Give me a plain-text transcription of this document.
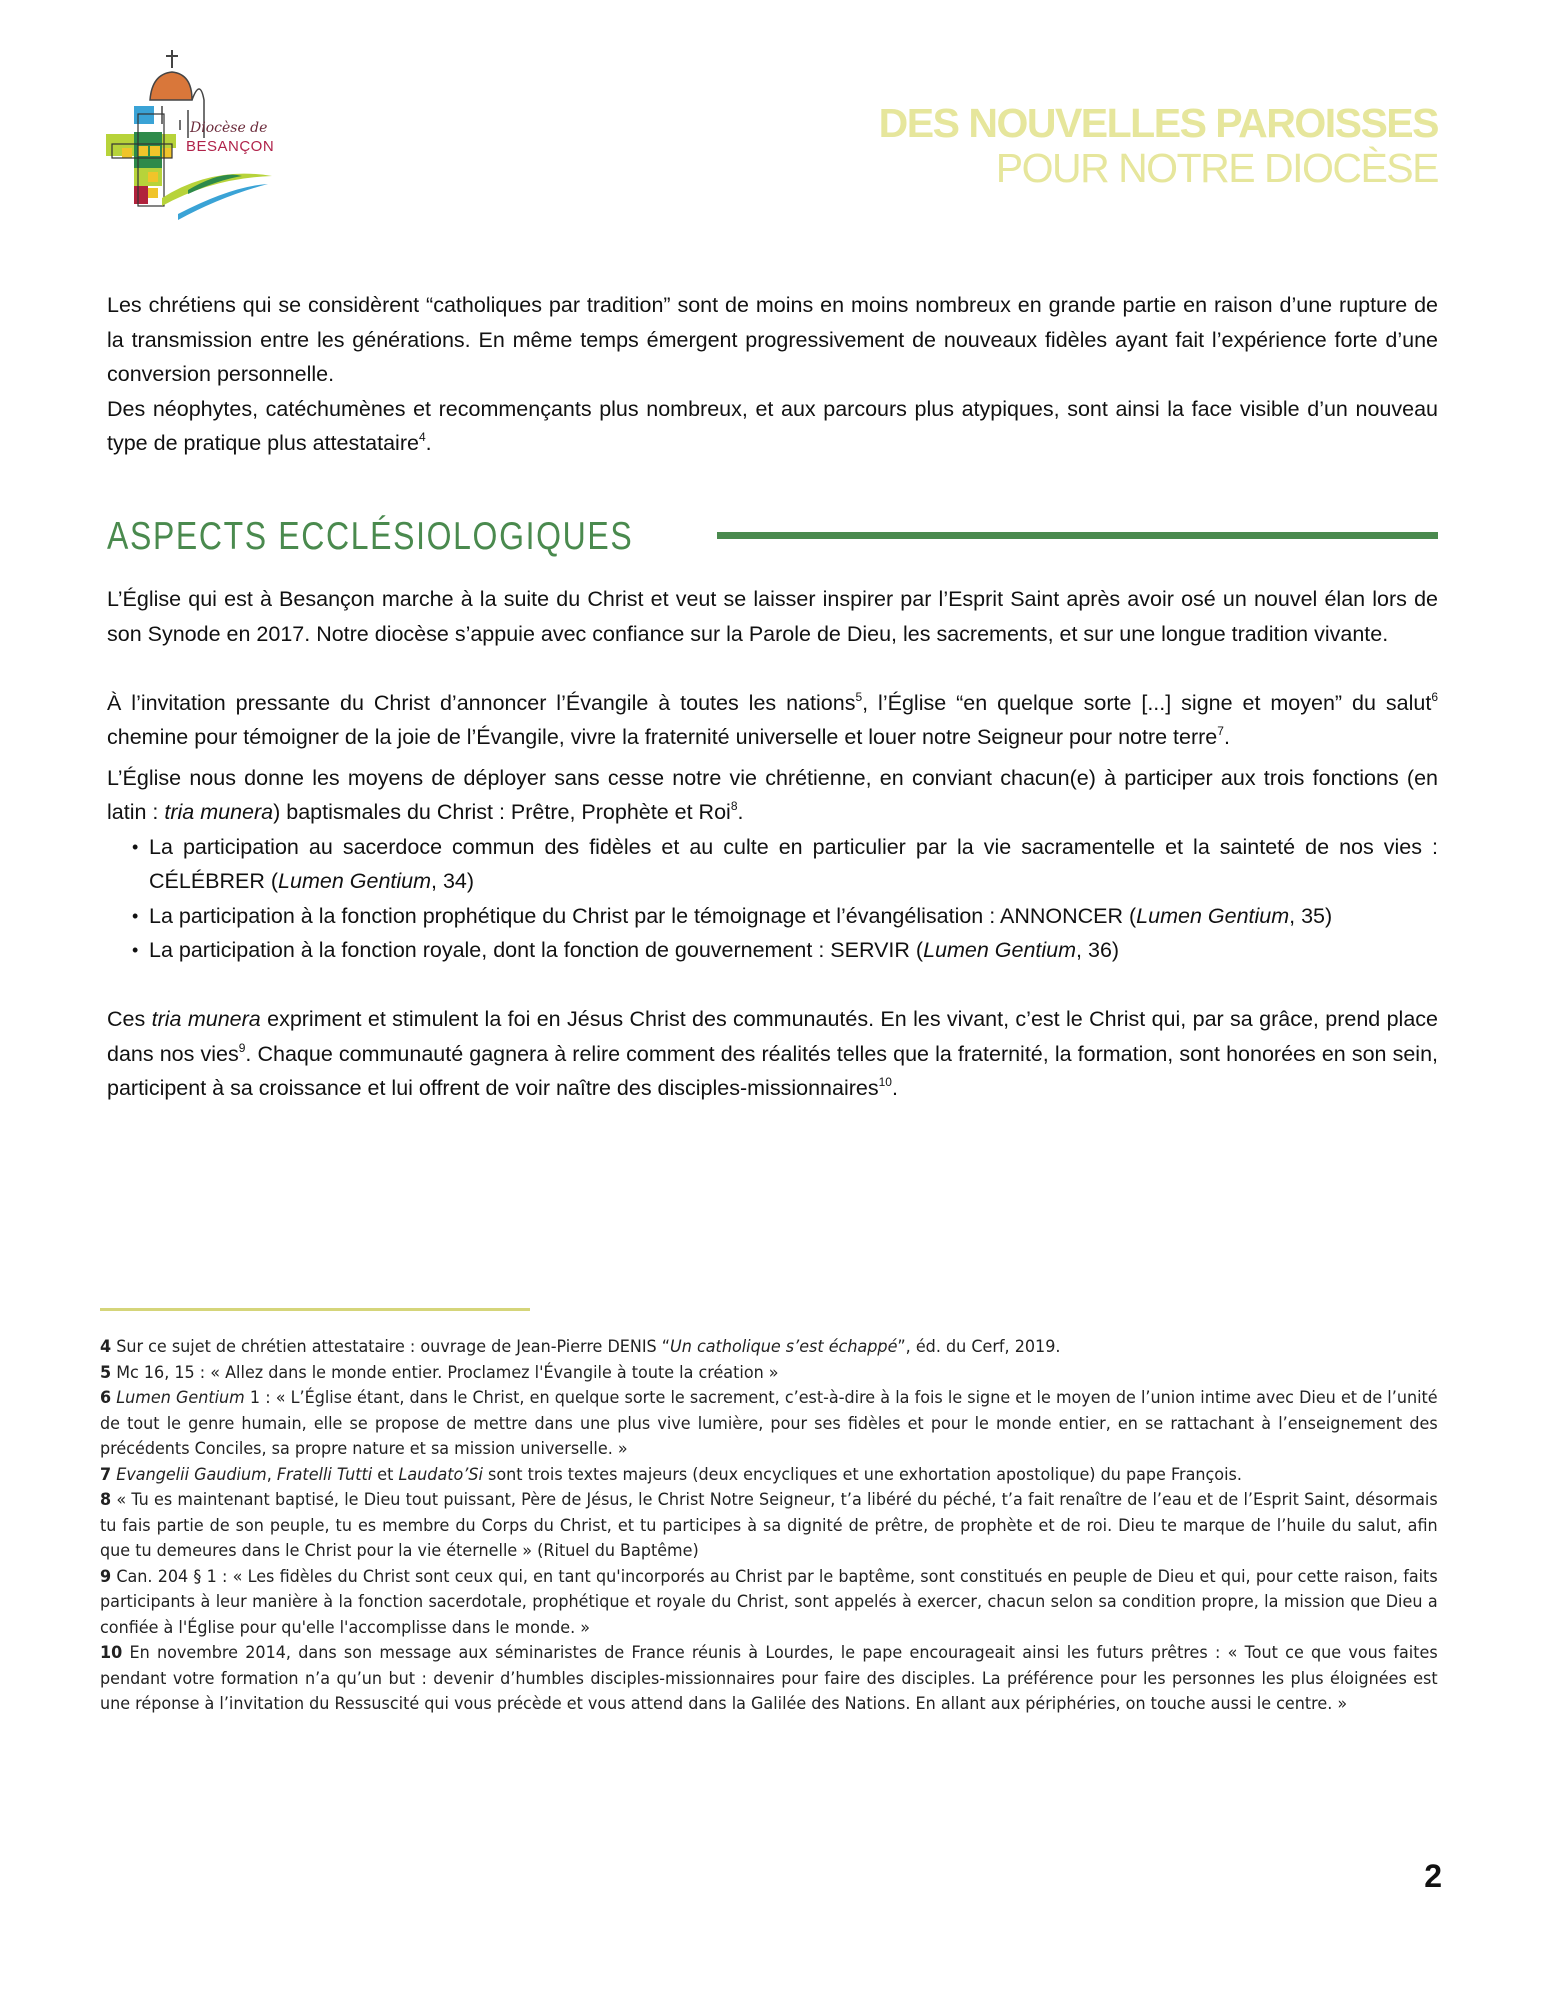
Diocèse de
BESANÇON
DES NOUVELLES PAROISSES
POUR NOTRE DIOCÈSE

Les chrétiens qui se considèrent “catholiques par tradition” sont de moins en moins nombreux en grande partie en raison d’une rupture de la transmission entre les générations. En même temps émergent progressivement de nouveaux fidèles ayant fait l’expérience forte d’une conversion personnelle.

Des néophytes, catéchumènes et recommençants plus nombreux, et aux parcours plus atypiques, sont ainsi la face visible d’un nouveau type de pratique plus attestataire$^4$.

ASPECTS ECCLÉSIOLOGIQUES

L’Église qui est à Besançon marche à la suite du Christ et veut se laisser inspirer par l’Esprit Saint après avoir osé un nouvel élan lors de son Synode en 2017. Notre diocèse s’appuie avec confiance sur la Parole de Dieu, les sacrements, et sur une longue tradition vivante.

À l’invitation pressante du Christ d’annoncer l’Évangile à toutes les nations$^5$, l’Église “en quelque sorte [...] signe et moyen” du salut$^6$ chemine pour témoigner de la joie de l’Évangile, vivre la fraternité universelle et louer notre Seigneur pour notre terre$^7$.

L’Église nous donne les moyens de déployer sans cesse notre vie chrétienne, en conviant chacun(e) à participer aux trois fonctions (en latin : tria munera) baptismales du Christ : Prêtre, Prophète et Roi$^8$.

• La participation au sacerdoce commun des fidèles et au culte en particulier par la vie sacramentelle et la sainteté de nos vies : CÉLÉBRER (Lumen Gentium, 34)
• La participation à la fonction prophétique du Christ par le témoignage et l’évangélisation : ANNONCER (Lumen Gentium, 35)
• La participation à la fonction royale, dont la fonction de gouvernement : SERVIR (Lumen Gentium, 36)

Ces tria munera expriment et stimulent la foi en Jésus Christ des communautés. En les vivant, c’est le Christ qui, par sa grâce, prend place dans nos vies$^9$. Chaque communauté gagnera à relire comment des réalités telles que la fraternité, la formation, sont honorées en son sein, participent à sa croissance et lui offrent de voir naître des disciples-missionnaires$^{10}$.

4 Sur ce sujet de chrétien attestataire : ouvrage de Jean-Pierre DENIS “Un catholique s’est échappé”, éd. du Cerf, 2019.

5 Mc 16, 15 : « Allez dans le monde entier. Proclamez l'Évangile à toute la création »

6 Lumen Gentium 1 : « L’Église étant, dans le Christ, en quelque sorte le sacrement, c’est-à-dire à la fois le signe et le moyen de l’union intime avec Dieu et de l’unité de tout le genre humain, elle se propose de mettre dans une plus vive lumière, pour ses fidèles et pour le monde entier, en se rattachant à l’enseignement des précédents Conciles, sa propre nature et sa mission universelle. »

7 Evangelii Gaudium, Fratelli Tutti et Laudato’Si sont trois textes majeurs (deux encycliques et une exhortation apostolique) du pape François.

8 « Tu es maintenant baptisé, le Dieu tout puissant, Père de Jésus, le Christ Notre Seigneur, t’a libéré du péché, t’a fait renaître de l’eau et de l’Esprit Saint, désormais tu fais partie de son peuple, tu es membre du Corps du Christ, et tu participes à sa dignité de prêtre, de prophète et de roi. Dieu te marque de l’huile du salut, afin que tu demeures dans le Christ pour la vie éternelle » (Rituel du Baptême)

9 Can. 204 § 1 : « Les fidèles du Christ sont ceux qui, en tant qu'incorporés au Christ par le baptême, sont constitués en peuple de Dieu et qui, pour cette raison, faits participants à leur manière à la fonction sacerdotale, prophétique et royale du Christ, sont appelés à exercer, chacun selon sa condition propre, la mission que Dieu a confiée à l'Église pour qu'elle l'accomplisse dans le monde. »

10 En novembre 2014, dans son message aux séminaristes de France réunis à Lourdes, le pape encourageait ainsi les futurs prêtres : « Tout ce que vous faites pendant votre formation n’a qu’un but : devenir d’humbles disciples-missionnaires pour faire des disciples. La préférence pour les personnes les plus éloignées est une réponse à l’invitation du Ressuscité qui vous précède et vous attend dans la Galilée des Nations. En allant aux périphéries, on touche aussi le centre. »

2
